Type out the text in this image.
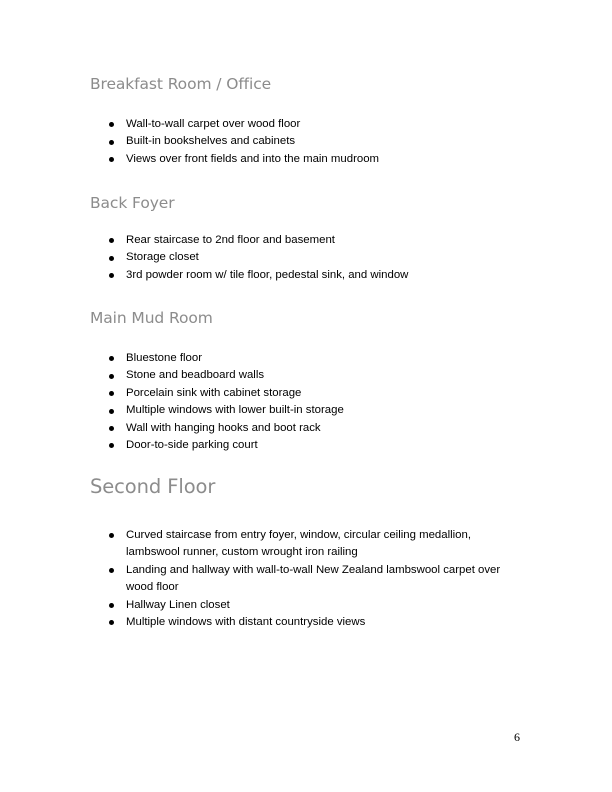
Breakfast Room / Office
Wall-to-wall carpet over wood floor
Built-in bookshelves and cabinets
Views over front fields and into the main mudroom
Back Foyer
Rear staircase to 2nd floor and basement
Storage closet
3rd powder room w/ tile floor, pedestal sink, and window
Main Mud Room
Bluestone floor
Stone and beadboard walls
Porcelain sink with cabinet storage
Multiple windows with lower built-in storage
Wall with hanging hooks and boot rack
Door-to-side parking court
Second Floor
Curved staircase from entry foyer, window, circular ceiling medallion, lambswool runner, custom wrought iron railing
Landing and hallway with wall-to-wall New Zealand lambswool carpet over wood floor
Hallway Linen closet
Multiple windows with distant countryside views
6
